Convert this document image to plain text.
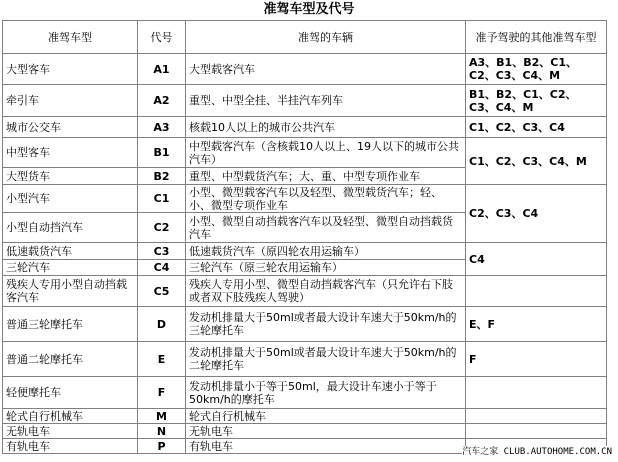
准驾车型及代号
准驾车型	代号	准驾的车辆	准予驾驶的其他准驾车型
大型客车	A1	大型载客汽车	A3、B1、B2、C1、C2、C3、C4、M
牵引车	A2	重型、中型全挂、半挂汽车列车	B1、B2、C1、C2、C3、C4、M
城市公交车	A3	核载10人以上的城市公共汽车	C1、C2、C3、C4
中型客车	B1	中型载客汽车（含核载10人以上、19人以下的城市公共汽车）	C1、C2、C3、C4、M
大型货车	B2	重型、中型载货汽车；大、重、中型专项作业车	
小型汽车	C1	小型、微型载客汽车以及轻型、微型载货汽车；轻、小、微型专项作业车	C2、C3、C4
小型自动挡汽车	C2	小型、微型自动挡载客汽车以及轻型、微型自动挡载货汽车	
低速载货汽车	C3	低速载货汽车（原四轮农用运输车）	C4
三轮汽车	C4	三轮汽车（原三轮农用运输车）	
残疾人专用小型自动挡载客汽车	C5	残疾人专用小型、微型自动挡载客汽车（只允许右下肢或者双下肢残疾人驾驶）	
普通三轮摩托车	D	发动机排量大于50ml或者最大设计车速大于50km/h的三轮摩托车	E、F
普通二轮摩托车	E	发动机排量大于50ml或者最大设计车速大于50km/h的二轮摩托车	F
轻便摩托车	F	发动机排量小于等于50ml，最大设计车速小于等于50km/h的摩托车	
轮式自行机械车	M	轮式自行机械车	
无轨电车	N	无轨电车	
有轨电车	P	有轨电车		汽车之家 CLUB.AUTOHOME.COM.CN
